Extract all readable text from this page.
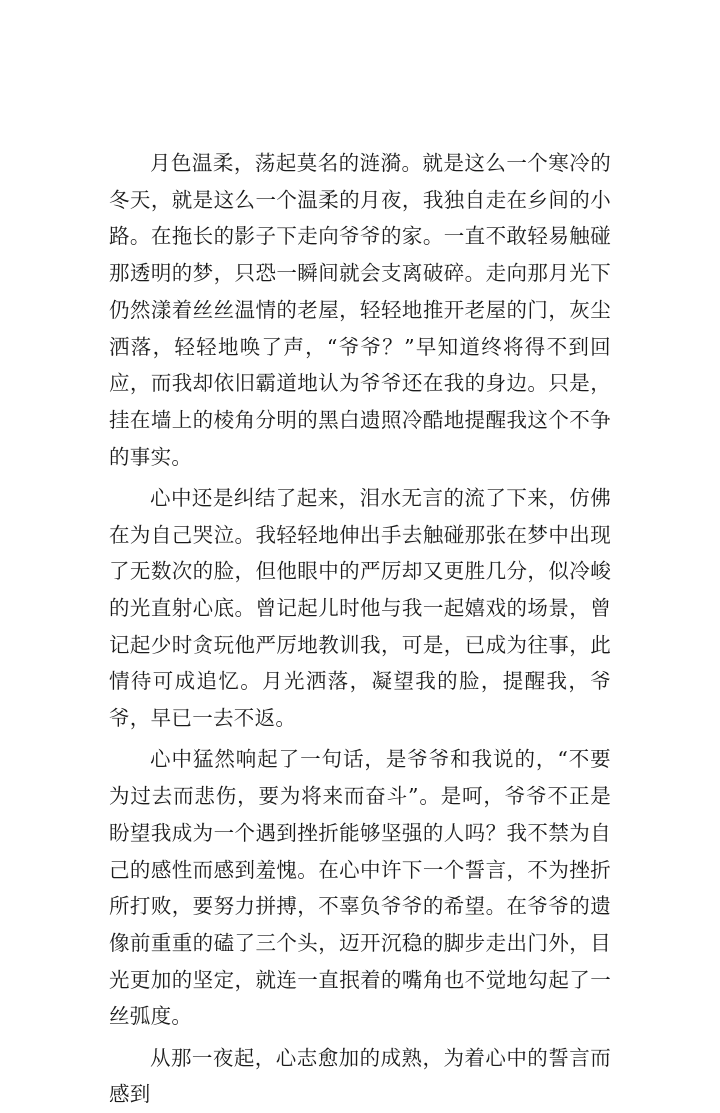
月色温柔，荡起莫名的涟漪。就是这么一个寒冷的冬天，就是这么一个温柔的月夜，我独自走在乡间的小路。在拖长的影子下走向爷爷的家。一直不敢轻易触碰那透明的梦，只恐一瞬间就会支离破碎。走向那月光下仍然漾着丝丝温情的老屋，轻轻地推开老屋的门，灰尘洒落，轻轻地唤了声，“爷爷？”早知道终将得不到回应，而我却依旧霸道地认为爷爷还在我的身边。只是，挂在墙上的棱角分明的黑白遗照冷酷地提醒我这个不争的事实。

心中还是纠结了起来，泪水无言的流了下来，仿佛在为自己哭泣。我轻轻地伸出手去触碰那张在梦中出现了无数次的脸，但他眼中的严厉却又更胜几分，似冷峻的光直射心底。曾记起儿时他与我一起嬉戏的场景，曾记起少时贪玩他严厉地教训我，可是，已成为往事，此情待可成追忆。月光洒落，凝望我的脸，提醒我，爷爷，早已一去不返。

心中猛然响起了一句话，是爷爷和我说的，“不要为过去而悲伤，要为将来而奋斗”。是呵，爷爷不正是盼望我成为一个遇到挫折能够坚强的人吗？我不禁为自己的感性而感到羞愧。在心中许下一个誓言，不为挫折所打败，要努力拼搏，不辜负爷爷的希望。在爷爷的遗像前重重的磕了三个头，迈开沉稳的脚步走出门外，目光更加的坚定，就连一直抿着的嘴角也不觉地勾起了一丝弧度。

从那一夜起，心志愈加的成熟，为着心中的誓言而感到
